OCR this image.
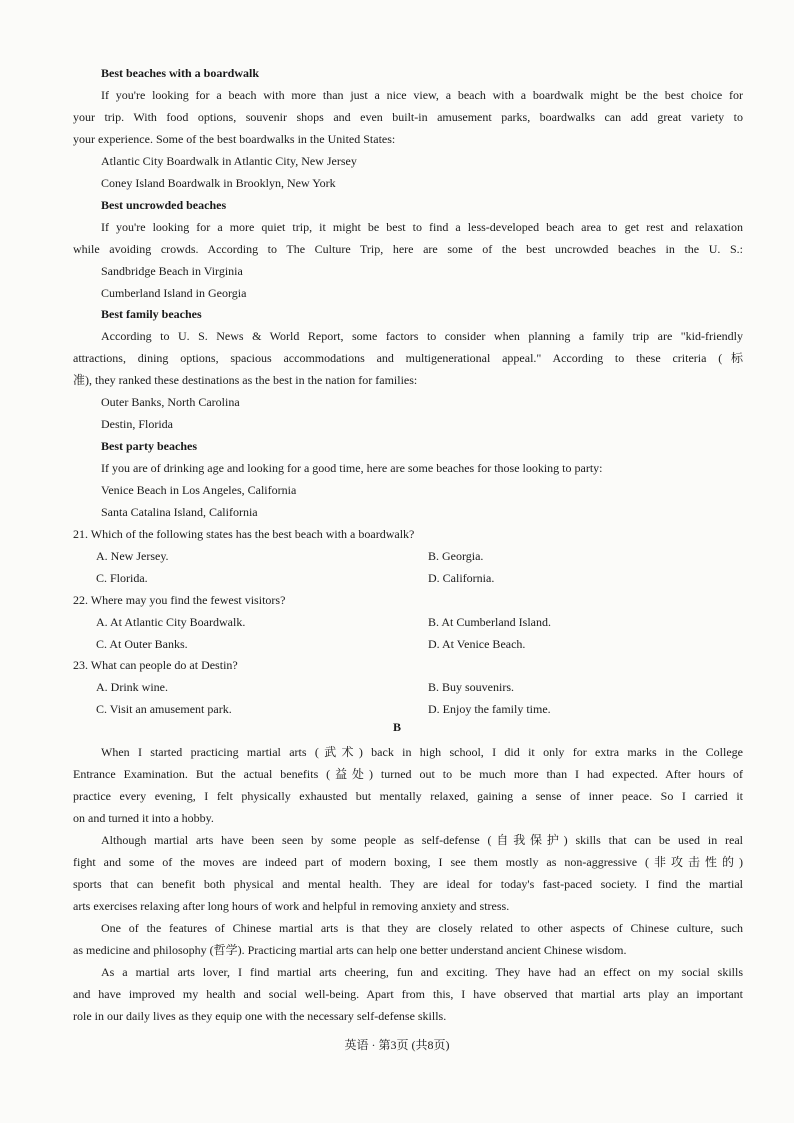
Best beaches with a boardwalk
If you're looking for a beach with more than just a nice view, a beach with a boardwalk might be the best choice for
your trip. With food options, souvenir shops and even built-in amusement parks, boardwalks can add great variety to
your experience. Some of the best boardwalks in the United States:
Atlantic City Boardwalk in Atlantic City, New Jersey
Coney Island Boardwalk in Brooklyn, New York
Best uncrowded beaches
If you're looking for a more quiet trip, it might be best to find a less-developed beach area to get rest and relaxation
while avoiding crowds. According to The Culture Trip, here are some of the best uncrowded beaches in the U. S.:
Sandbridge Beach in Virginia
Cumberland Island in Georgia
Best family beaches
According to U. S. News & World Report, some factors to consider when planning a family trip are "kid-friendly
attractions, dining options, spacious accommodations and multigenerational appeal." According to these criteria (标
准), they ranked these destinations as the best in the nation for families:
Outer Banks, North Carolina
Destin, Florida
Best party beaches
If you are of drinking age and looking for a good time, here are some beaches for those looking to party:
Venice Beach in Los Angeles, California
Santa Catalina Island, California
21. Which of the following states has the best beach with a boardwalk?
A. New Jersey.	B. Georgia.
C. Florida.	D. California.
22. Where may you find the fewest visitors?
A. At Atlantic City Boardwalk.	B. At Cumberland Island.
C. At Outer Banks.	D. At Venice Beach.
23. What can people do at Destin?
A. Drink wine.	B. Buy souvenirs.
C. Visit an amusement park.	D. Enjoy the family time.
B
When I started practicing martial arts (武术) back in high school, I did it only for extra marks in the College
Entrance Examination. But the actual benefits (益处) turned out to be much more than I had expected. After hours of
practice every evening, I felt physically exhausted but mentally relaxed, gaining a sense of inner peace. So I carried it
on and turned it into a hobby.
Although martial arts have been seen by some people as self-defense (自我保护) skills that can be used in real
fight and some of the moves are indeed part of modern boxing, I see them mostly as non-aggressive (非攻击性的)
sports that can benefit both physical and mental health. They are ideal for today's fast-paced society. I find the martial
arts exercises relaxing after long hours of work and helpful in removing anxiety and stress.
One of the features of Chinese martial arts is that they are closely related to other aspects of Chinese culture, such
as medicine and philosophy (哲学). Practicing martial arts can help one better understand ancient Chinese wisdom.
As a martial arts lover, I find martial arts cheering, fun and exciting. They have had an effect on my social skills
and have improved my health and social well-being. Apart from this, I have observed that martial arts play an important
role in our daily lives as they equip one with the necessary self-defense skills.
英语 · 第3页 (共8页)
